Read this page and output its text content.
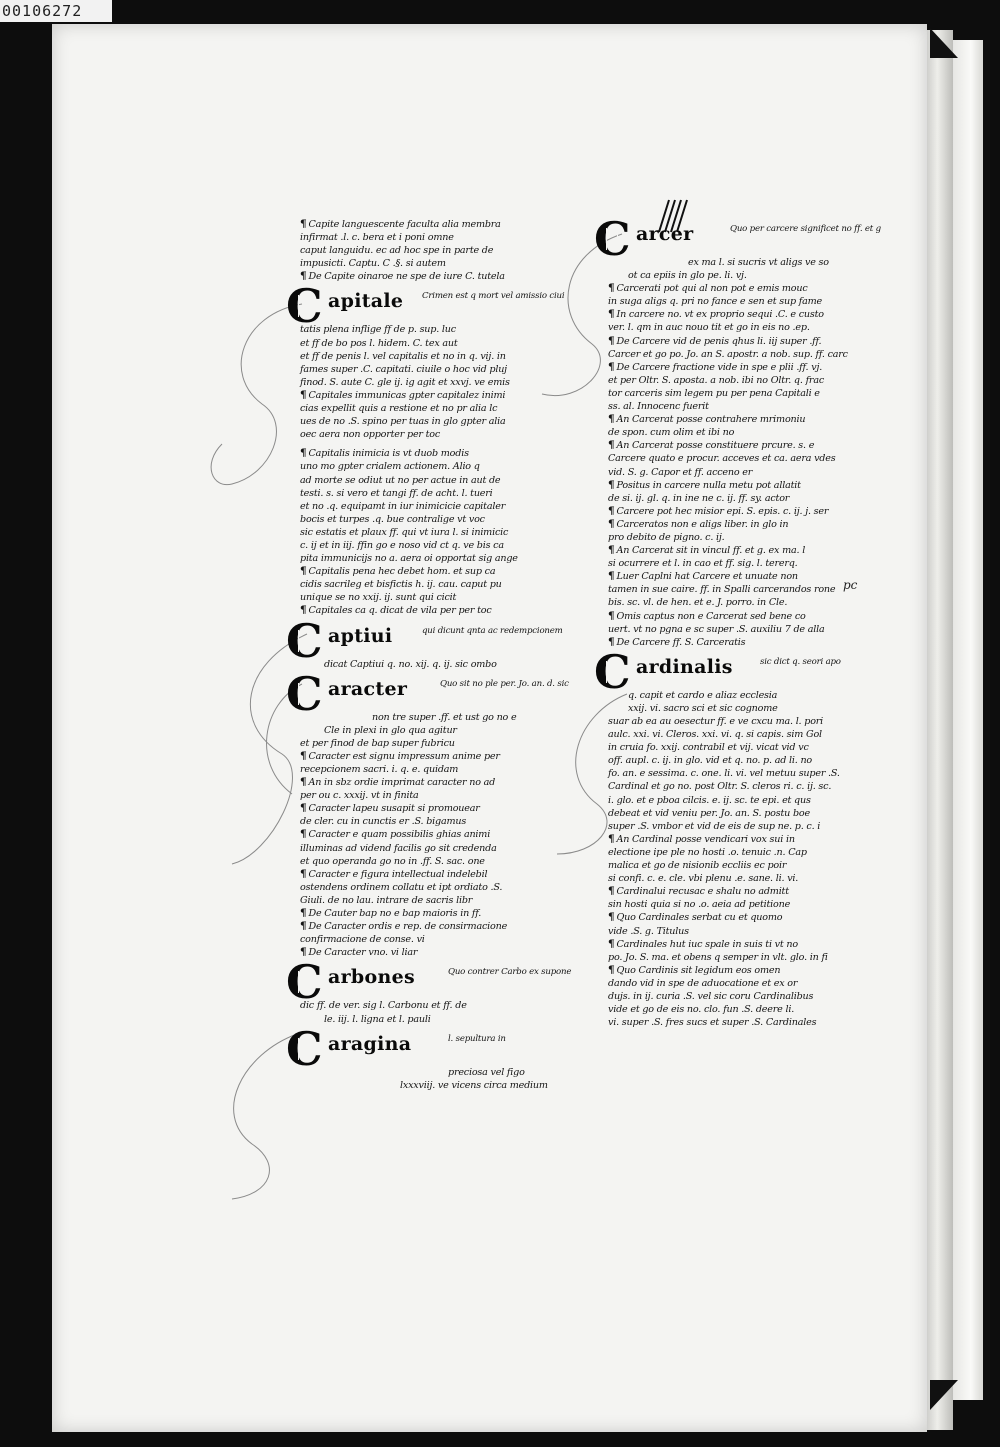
00106272
pc
¶ Capite languescente faculta alia membra
infirmat .l. c. bera et i poni omne
caput languidu. ec ad hoc spe in parte de
impusicti. Captu. C .§. si autem
¶ De Capite oinaroe ne spe de iure C. tutela
C apitale Crimen est q mort vel amissio ciui
tatis plena inflige ff de p. sup. luc
et ff de bo pos l. hidem. C. tex aut
et ff de penis l. vel capitalis et no in q. vij. in
fames super .C. capitati. ciuile o hoc vid pluj
finod. S. aute C. gle ij. ig agit et xxvj. ve emis
¶ Capitales immunicas gpter capitalez inimi
cias expellit quis a restione et no pr alia lc
ues de no .S. spino per tuas in glo gpter alia
oec aera non opporter per toc
¶ Capitalis inimicia is vt duob modis
uno mo gpter crialem actionem. Alio q
ad morte se odiut ut no per actue in aut de
testi. s. si vero et tangi ff. de acht. l. tueri
et no .q. equipamt in iur inimicicie capitaler
bocis et turpes .q. bue contralige vt voc
sic estatis et plaux ff. qui vt iura l. si inimicic
c. ij et in iij. ffin go e noso vid ct q. ve bis ca
pita immunicijs no a. aera oi opportat sig ange
¶ Capitalis pena hec debet hom. et sup ca
cidis sacrileg et bisfictis h. ij. cau. caput pu
unique se no xxij. ij. sunt qui cicit
¶ Capitales ca q. dicat de vila per per toc
C aptiui	qui dicunt qnta ac redempcionem
dicat Captiui q. no. xij. q. ij. sic ombo
C aracter	Quo sit no ple per. Jo. an. d. sic
non tre super .ff. et ust go no e
Cle in plexi in glo qua agitur
et per finod de bap super fubricu
¶ Caracter est signu impressum anime per
recepcionem sacri. i. q. e. quidam
¶ An in sbz ordie imprimat caracter no ad
per ou c. xxxij. vt in finita
¶ Caracter lapeu susapit si promouear
de cler. cu in cunctis er .S. bigamus
¶ Caracter e quam possibilis ghias animi
illuminas ad vidend facilis go sit credenda
et quo operanda go no in .ff. S. sac. one
¶ Caracter e figura intellectual indelebil
ostendens ordinem collatu et ipt ordiato .S.
Giuli. de no lau. intrare de sacris libr
¶ De Cauter bap no e bap maioris in ff.
¶ De Caracter ordis e rep. de consirmacione
confirmacione de conse. vi
¶ De Caracter vno. vi liar
C arbones	Quo contrer Carbo ex supone
dic ff. de ver. sig l. Carbonu et ff. de
le. iij. l. ligna et l. pauli
C aragina	l. sepultura in
preciosa vel figo
lxxxviij. ve vicens circa medium
C arcer	Quo per carcere significet no ff. et g
ex ma l. si sucris vt aligs ve so
ot ca epiis in glo pe. li. vj.
¶ Carcerati pot qui al non pot e emis mouc
in suga aligs q. pri no fance e sen et sup fame
¶ In carcere no. vt ex proprio sequi .C. e custo
ver. l. qm in auc nouo tit et go in eis no .ep.
¶ De Carcere vid de penis qhus li. iij super .ff.
Carcer et go po. Jo. an S. apostr. a nob. sup. ff. carc
¶ De Carcere fractione vide in spe e plii .ff. vj.
et per Oltr. S. aposta. a nob. ibi no Oltr. q. frac
tor carceris sim legem pu per pena Capitali e
ss. al. Innocenc fuerit
¶ An Carcerat posse contrahere mrimoniu
de spon. cum olim et ibi no
¶ An Carcerat posse constituere prcure. s. e
Carcere quato e procur. acceves et ca. aera vdes
vid. S. g. Capor et ff. acceno er
¶ Positus in carcere nulla metu pot allatit
de si. ij. gl. q. in ine ne c. ij. ff. sy. actor
¶ Carcere pot hec misior epi. S. epis. c. ij. j. ser
¶ Carceratos non e aligs liber. in glo in
pro debito de pigno. c. ij.
¶ An Carcerat sit in vincul ff. et g. ex ma. l
si ocurrere et l. in cao et ff. sig. l. tererq.
¶ Luer Caplni hat Carcere et unuate non
tamen in sue caire. ff. in Spalli carcerandos rone
bis. sc. vl. de hen. et e. J. porro. in Cle.
¶ Omis captus non e Carcerat sed bene co
uert. vt no pgna e sc super .S. auxiliu 7 de alla
¶ De Carcere ff. S. Carceratis
C ardinalis	sic dict q. seori apo
q. capit et cardo e aliaz ecclesia
xxij. vi. sacro sci et sic cognome
suar ab ea au oesectur ff. e ve cxcu ma. l. pori
aulc. xxi. vi. Cleros. xxi. vi. q. si capis. sim Gol
in cruia fo. xxij. contrabil et vij. vicat vid vc
off. aupl. c. ij. in glo. vid et q. no. p. ad li. no
fo. an. e sessima. c. one. li. vi. vel metuu super .S.
Cardinal et go no. post Oltr. S. cleros ri. c. ij. sc.
i. glo. et e pboa cilcis. e. ij. sc. te epi. et qus
debeat et vid veniu per. Jo. an. S. postu boe
super .S. vmbor et vid de eis de sup ne. p. c. i
¶ An Cardinal posse vendicari vox sui in
electione ipe ple no hosti .o. tenuic .n. Cap
malica et go de nisionib eccliis ec poir
si confi. c. e. cle. vbi plenu .e. sane. li. vi.
¶ Cardinalui recusac e shalu no admitt
sin hosti quia si no .o. aeia ad petitione
¶ Quo Cardinales serbat cu et quomo
vide .S. g. Titulus
¶ Cardinales hut iuc spale in suis ti vt no
po. Jo. S. ma. et obens q semper in vlt. glo. in fi
¶ Quo Cardinis sit legidum eos omen
dando vid in spe de aduocatione et ex or
dujs. in ij. curia .S. vel sic coru Cardinalibus
vide et go de eis no. clo. fun .S. deere li.
vi. super .S. fres sucs et super .S. Cardinales
